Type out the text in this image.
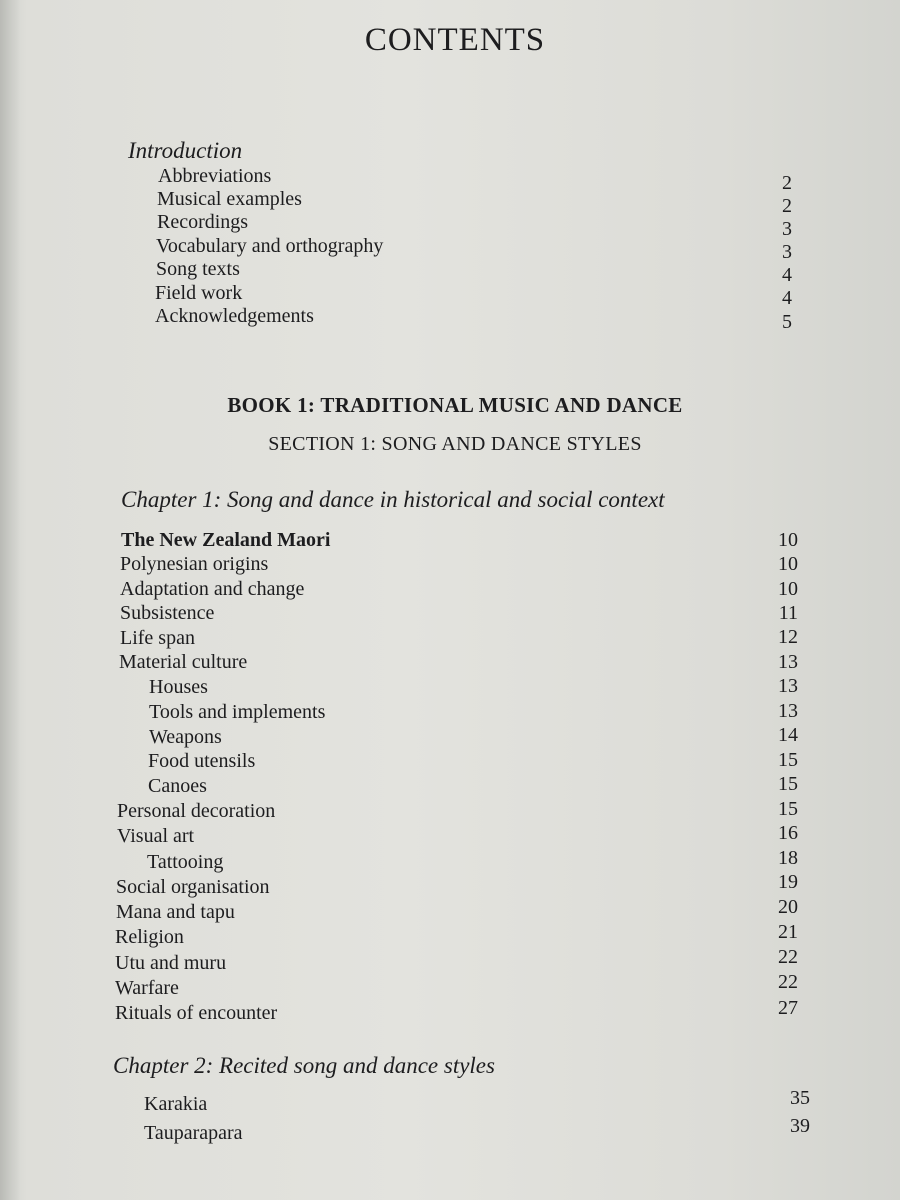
CONTENTS
Introduction
Abbreviations	2
Musical examples	2
Recordings	3
Vocabulary and orthography	3
Song texts	4
Field work	4
Acknowledgements	5
BOOK 1: TRADITIONAL MUSIC AND DANCE
SECTION 1: SONG AND DANCE STYLES
Chapter 1: Song and dance in historical and social context
The New Zealand Maori	10
Polynesian origins	10
Adaptation and change	10
Subsistence	11
Life span	12
Material culture	13
Houses	13
Tools and implements	13
Weapons	14
Food utensils	15
Canoes	15
Personal decoration	15
Visual art	16
Tattooing	18
Social organisation	19
Mana and tapu	20
Religion	21
Utu and muru	22
Warfare	22
Rituals of encounter	27
Chapter 2: Recited song and dance styles
Karakia	35
Tauparapara	39
